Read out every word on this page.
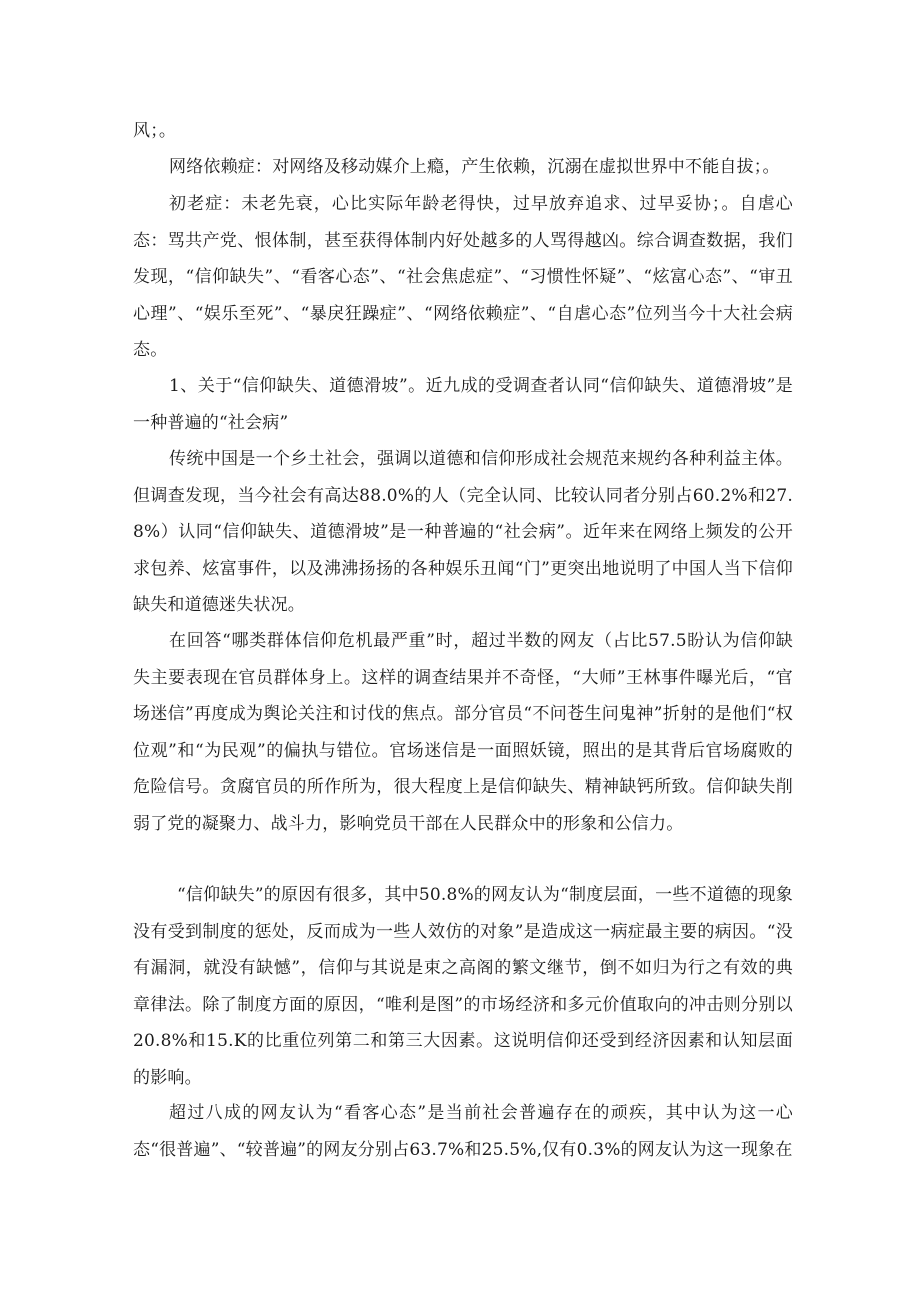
风；。

网络依赖症：对网络及移动媒介上瘾，产生依赖，沉溺在虚拟世界中不能自拔；。

初老症：未老先衰，心比实际年龄老得快，过早放弃追求、过早妥协；。自虐心态：骂共产党、恨体制，甚至获得体制内好处越多的人骂得越凶。综合调查数据，我们发现，“信仰缺失”、“看客心态”、“社会焦虑症”、“习惯性怀疑”、“炫富心态”、“审丑心理”、“娱乐至死”、“暴戾狂躁症”、“网络依赖症”、“自虐心态”位列当今十大社会病态。

1、关于“信仰缺失、道德滑坡”。近九成的受调查者认同“信仰缺失、道德滑坡”是一种普遍的“社会病”

传统中国是一个乡土社会，强调以道德和信仰形成社会规范来规约各种利益主体。但调查发现，当今社会有高达88.0%的人（完全认同、比较认同者分别占60.2%和27.8%）认同“信仰缺失、道德滑坡”是一种普遍的“社会病”。近年来在网络上频发的公开求包养、炫富事件，以及沸沸扬扬的各种娱乐丑闻“门”更突出地说明了中国人当下信仰缺失和道德迷失状况。

在回答“哪类群体信仰危机最严重”时，超过半数的网友（占比57.5盼认为信仰缺失主要表现在官员群体身上。这样的调查结果并不奇怪，“大师”王林事件曝光后，“官场迷信”再度成为舆论关注和讨伐的焦点。部分官员“不问苍生问鬼神”折射的是他们“权位观”和“为民观”的偏执与错位。官场迷信是一面照妖镜，照出的是其背后官场腐败的危险信号。贪腐官员的所作所为，很大程度上是信仰缺失、精神缺钙所致。信仰缺失削弱了党的凝聚力、战斗力，影响党员干部在人民群众中的形象和公信力。

“信仰缺失”的原因有很多，其中50.8%的网友认为“制度层面，一些不道德的现象没有受到制度的惩处，反而成为一些人效仿的对象”是造成这一病症最主要的病因。“没有漏洞，就没有缺憾”，信仰与其说是束之高阁的繁文继节，倒不如归为行之有效的典章律法。除了制度方面的原因，“唯利是图”的市场经济和多元价值取向的冲击则分别以20.8%和15.K的比重位列第二和第三大因素。这说明信仰还受到经济因素和认知层面的影响。

超过八成的网友认为“看客心态”是当前社会普遍存在的顽疾，其中认为这一心态“很普遍”、“较普遍”的网友分别占63.7%和25.5%,仅有0.3%的网友认为这一现象在
